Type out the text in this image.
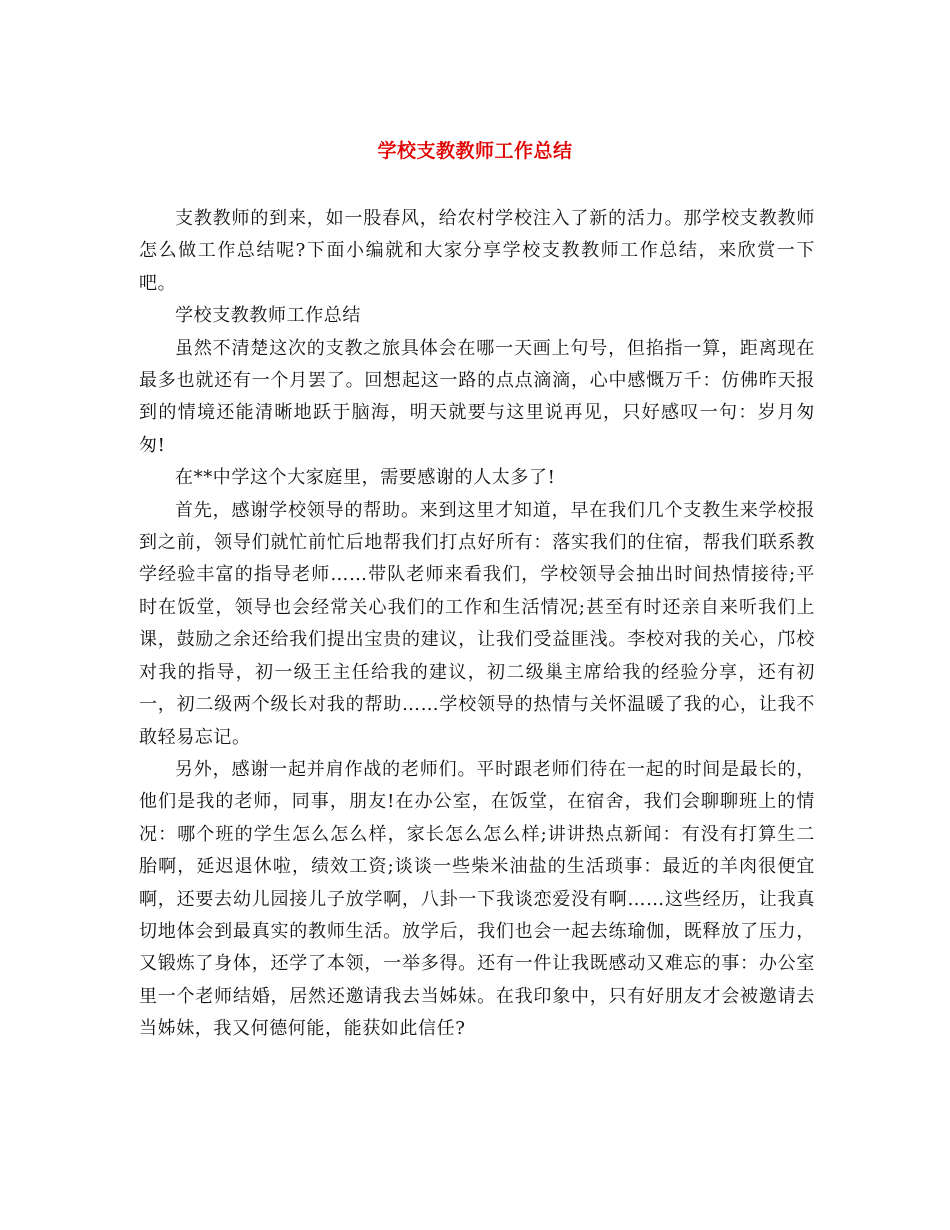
学校支教教师工作总结

支教教师的到来，如一股春风，给农村学校注入了新的活力。那学校支教教师怎么做工作总结呢?下面小编就和大家分享学校支教教师工作总结，来欣赏一下吧。

学校支教教师工作总结

虽然不清楚这次的支教之旅具体会在哪一天画上句号，但掐指一算，距离现在最多也就还有一个月罢了。回想起这一路的点点滴滴，心中感慨万千：仿佛昨天报到的情境还能清晰地跃于脑海，明天就要与这里说再见，只好感叹一句：岁月匆匆!

在**中学这个大家庭里，需要感谢的人太多了!

首先，感谢学校领导的帮助。来到这里才知道，早在我们几个支教生来学校报到之前，领导们就忙前忙后地帮我们打点好所有：落实我们的住宿，帮我们联系教学经验丰富的指导老师……带队老师来看我们，学校领导会抽出时间热情接待;平时在饭堂，领导也会经常关心我们的工作和生活情况;甚至有时还亲自来听我们上课，鼓励之余还给我们提出宝贵的建议，让我们受益匪浅。李校对我的关心，邝校对我的指导，初一级王主任给我的建议，初二级巢主席给我的经验分享，还有初一，初二级两个级长对我的帮助……学校领导的热情与关怀温暖了我的心，让我不敢轻易忘记。

另外，感谢一起并肩作战的老师们。平时跟老师们待在一起的时间是最长的，他们是我的老师，同事，朋友!在办公室，在饭堂，在宿舍，我们会聊聊班上的情况：哪个班的学生怎么怎么样，家长怎么怎么样;讲讲热点新闻：有没有打算生二胎啊，延迟退休啦，绩效工资;谈谈一些柴米油盐的生活琐事：最近的羊肉很便宜啊，还要去幼儿园接儿子放学啊，八卦一下我谈恋爱没有啊……这些经历，让我真切地体会到最真实的教师生活。放学后，我们也会一起去练瑜伽，既释放了压力，又锻炼了身体，还学了本领，一举多得。还有一件让我既感动又难忘的事：办公室里一个老师结婚，居然还邀请我去当姊妹。在我印象中，只有好朋友才会被邀请去当姊妹，我又何德何能，能获如此信任?
